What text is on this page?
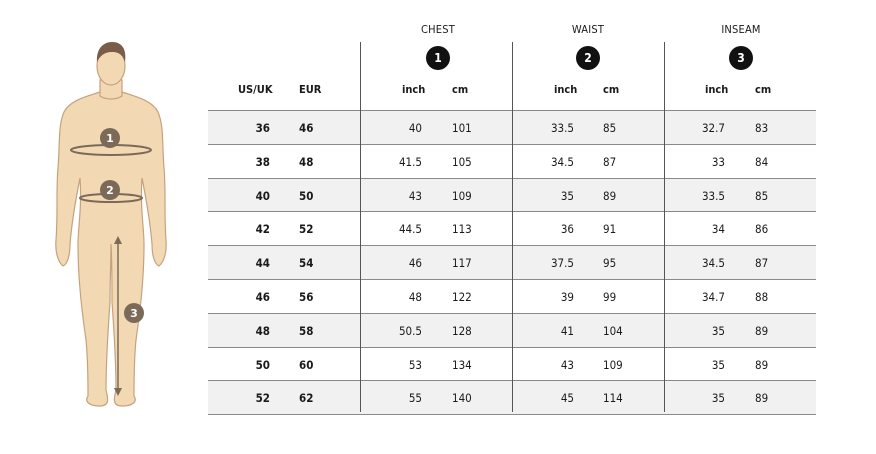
1
2
3
CHEST	WAIST	INSEAM
1	2	3
US/UK EUR	inch cm	inch cm	inch cm
36	46	40	101	33.5	85	32.7	83
38	48	41.5	105	34.5	87	33	84
40	50	43	109	35	89	33.5	85
42	52	44.5	113	36	91	34	86
44	54	46	117	37.5	95	34.5	87
46	56	48	122	39	99	34.7	88
48	58	50.5	128	41	104	35	89
50	60	53	134	43	109	35	89
52	62	55	140	45	114	35	89
